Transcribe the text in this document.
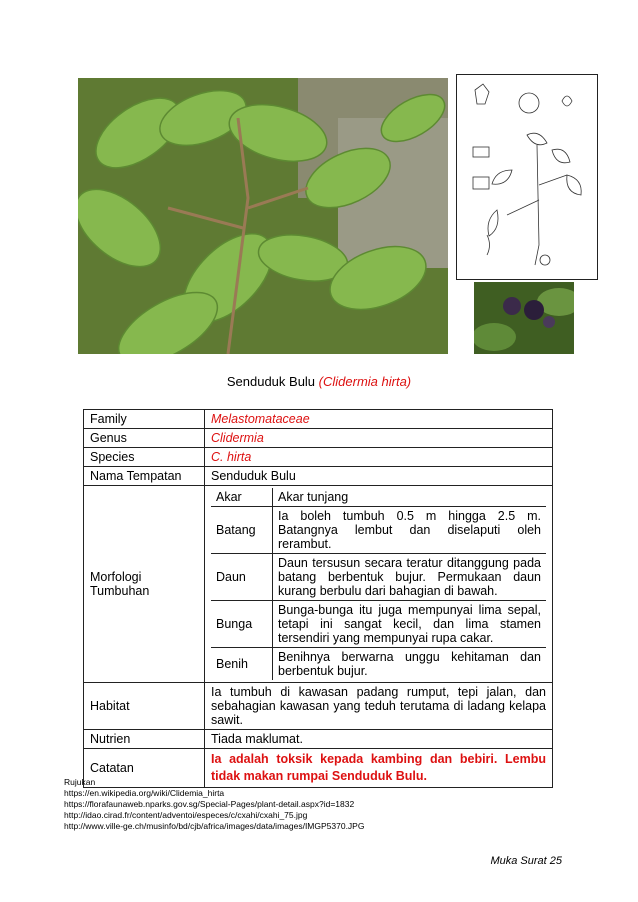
Senduduk Bulu (Clidermia hirta)
Family	Melastomataceae
Genus	Clidermia
Species	C. hirta
Nama Tempatan	Senduduk Bulu

Morfologi
Tumbuhan

Akar	Akar tunjang
Batang	Ia boleh tumbuh 0.5 m hingga 2.5 m. Batangnya lembut dan diselaputi oleh rerambut.
Daun	Daun tersusun secara teratur ditanggung pada batang berbentuk bujur. Permukaan daun kurang berbulu dari bahagian di bawah.
Bunga	Bunga-bunga itu juga mempunyai lima sepal, tetapi ini sangat kecil, dan lima stamen tersendiri yang mempunyai rupa cakar.
Benih	Benihnya berwarna unggu kehitaman dan berbentuk bujur.

Habitat	Ia tumbuh di kawasan padang rumput, tepi jalan, dan sebahagian kawasan yang teduh terutama di ladang kelapa sawit.
Nutrien	Tiada maklumat.
Catatan	Ia adalah toksik kepada kambing dan bebiri. Lembu tidak makan rumpai Senduduk Bulu.
Rujukan
https://en.wikipedia.org/wiki/Clidemia_hirta
https://florafaunaweb.nparks.gov.sg/Special-Pages/plant-detail.aspx?id=1832
http://idao.cirad.fr/content/adventoi/especes/c/cxahi/cxahi_75.jpg
http://www.ville-ge.ch/musinfo/bd/cjb/africa/images/data/images/IMGP5370.JPG
Muka Surat 25
